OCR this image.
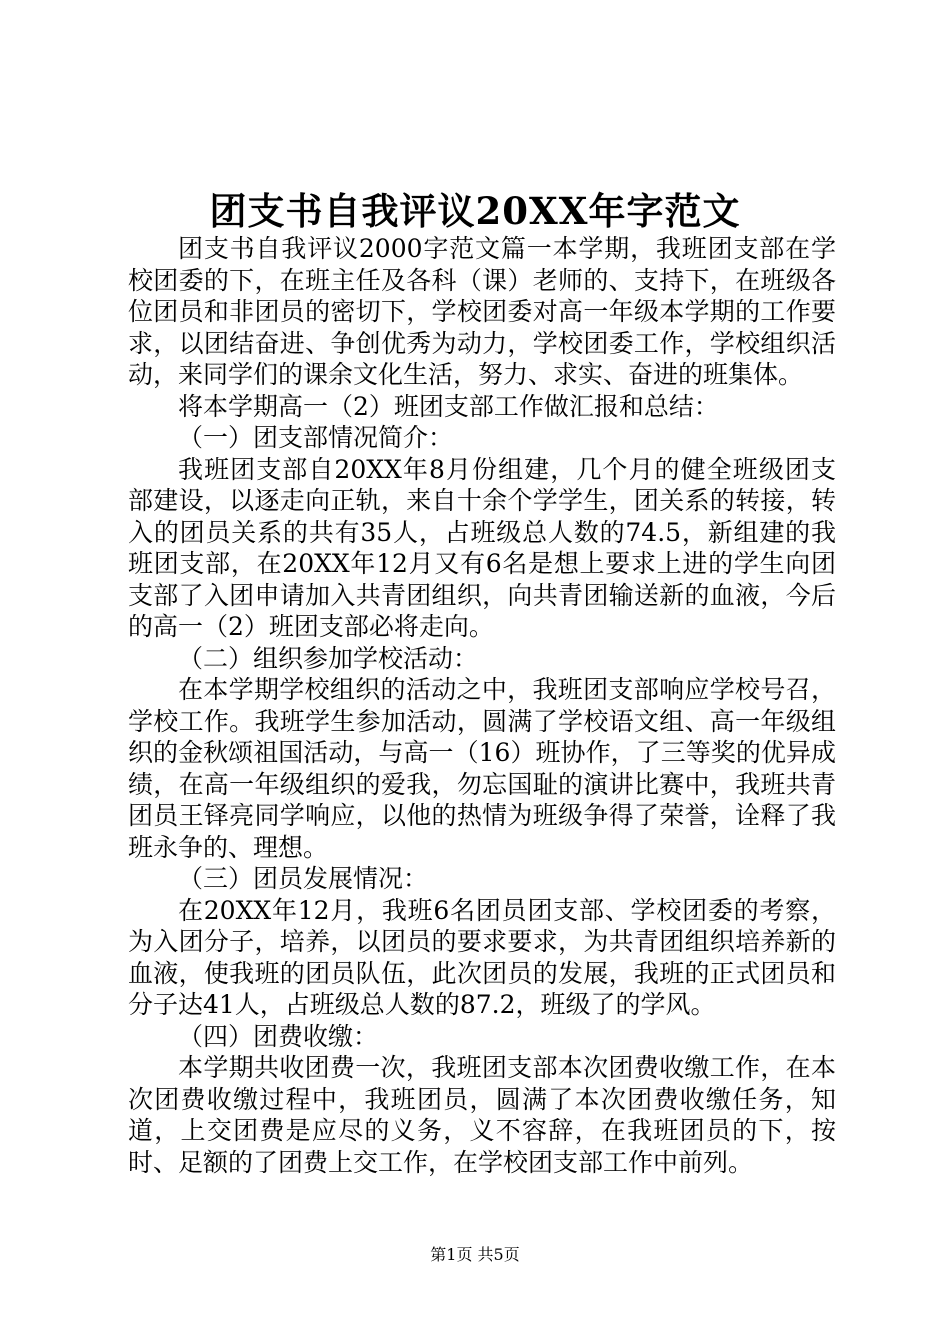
团支书自我评议20XX年字范文

团支书自我评议2000字范文篇一本学期，我班团支部在学校团委的下，在班主任及各科（课）老师的、支持下，在班级各位团员和非团员的密切下，学校团委对高一年级本学期的工作要求，以团结奋进、争创优秀为动力，学校团委工作，学校组织活动，来同学们的课余文化生活，努力、求实、奋进的班集体。

将本学期高一（2）班团支部工作做汇报和总结：

（一）团支部情况简介：

我班团支部自20XX年8月份组建，几个月的健全班级团支部建设，以逐走向正轨，来自十余个学学生，团关系的转接，转入的团员关系的共有35人，占班级总人数的74.5，新组建的我班团支部，在20XX年12月又有6名是想上要求上进的学生向团支部了入团申请加入共青团组织，向共青团输送新的血液，今后的高一（2）班团支部必将走向。

（二）组织参加学校活动：

在本学期学校组织的活动之中，我班团支部响应学校号召，学校工作。我班学生参加活动，圆满了学校语文组、高一年级组织的金秋颂祖国活动，与高一（16）班协作，了三等奖的优异成绩，在高一年级组织的爱我，勿忘国耻的演讲比赛中，我班共青团员王铎亮同学响应，以他的热情为班级争得了荣誉，诠释了我班永争的、理想。

（三）团员发展情况：

在20XX年12月，我班6名团员团支部、学校团委的考察，为入团分子，培养，以团员的要求要求，为共青团组织培养新的血液，使我班的团员队伍，此次团员的发展，我班的正式团员和分子达41人，占班级总人数的87.2，班级了的学风。

（四）团费收缴：

本学期共收团费一次，我班团支部本次团费收缴工作，在本次团费收缴过程中，我班团员，圆满了本次团费收缴任务，知道，上交团费是应尽的义务，义不容辞，在我班团员的下，按时、足额的了团费上交工作，在学校团支部工作中前列。

第1页 共5页
